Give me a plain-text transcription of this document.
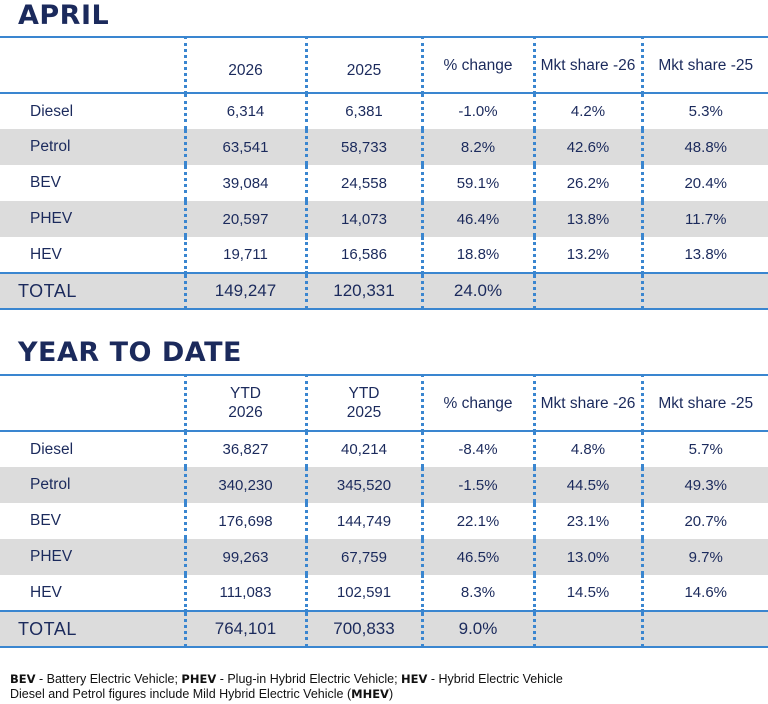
APRIL
	2026	2025	% change	Mkt share -26	Mkt share -25
Diesel	6,314	6,381	-1.0%	4.2%	5.3%
Petrol	63,541	58,733	8.2%	42.6%	48.8%
BEV	39,084	24,558	59.1%	26.2%	20.4%
PHEV	20,597	14,073	46.4%	13.8%	11.7%
HEV	19,711	16,586	18.8%	13.2%	13.8%
TOTAL	149,247	120,331	24.0%		
YEAR TO DATE
	YTD 2026	YTD 2025	% change	Mkt share -26	Mkt share -25
Diesel	36,827	40,214	-8.4%	4.8%	5.7%
Petrol	340,230	345,520	-1.5%	44.5%	49.3%
BEV	176,698	144,749	22.1%	23.1%	20.7%
PHEV	99,263	67,759	46.5%	13.0%	9.7%
HEV	111,083	102,591	8.3%	14.5%	14.6%
TOTAL	764,101	700,833	9.0%		
BEV - Battery Electric Vehicle; PHEV - Plug-in Hybrid Electric Vehicle; HEV - Hybrid Electric Vehicle
Diesel and Petrol figures include Mild Hybrid Electric Vehicle (MHEV)
